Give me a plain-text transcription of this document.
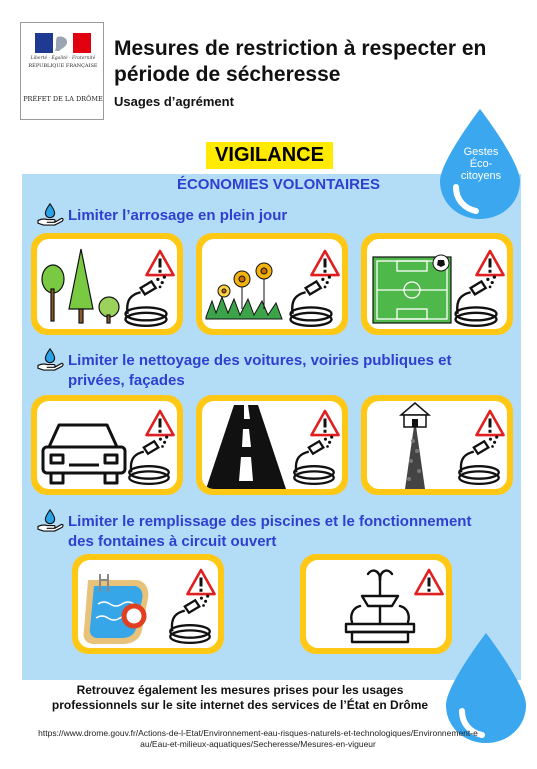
Liberté · Égalité · Fraternité
RÉPUBLIQUE FRANÇAISE
PRÉFET DE LA DRÔME
Mesures de restriction à respecter en période de sécheresse
Usages d’agrément
Gestes
Éco-
citoyens
VIGILANCE
ÉCONOMIES VOLONTAIRES
Limiter l’arrosage en plein jour
Limiter le nettoyage des voitures, voiries publiques et
privées, façades
Limiter le remplissage des piscines et le fonctionnement
des fontaines à circuit ouvert
Retrouvez également les mesures prises pour les usages
professionnels sur le site internet des services de l’État en Drôme
https://www.drome.gouv.fr/Actions-de-l-Etat/Environnement-eau-risques-naturels-et-technologiques/Environnement-eau/Eau-et-milieux-aquatiques/Secheresse/Mesures-en-vigueur
